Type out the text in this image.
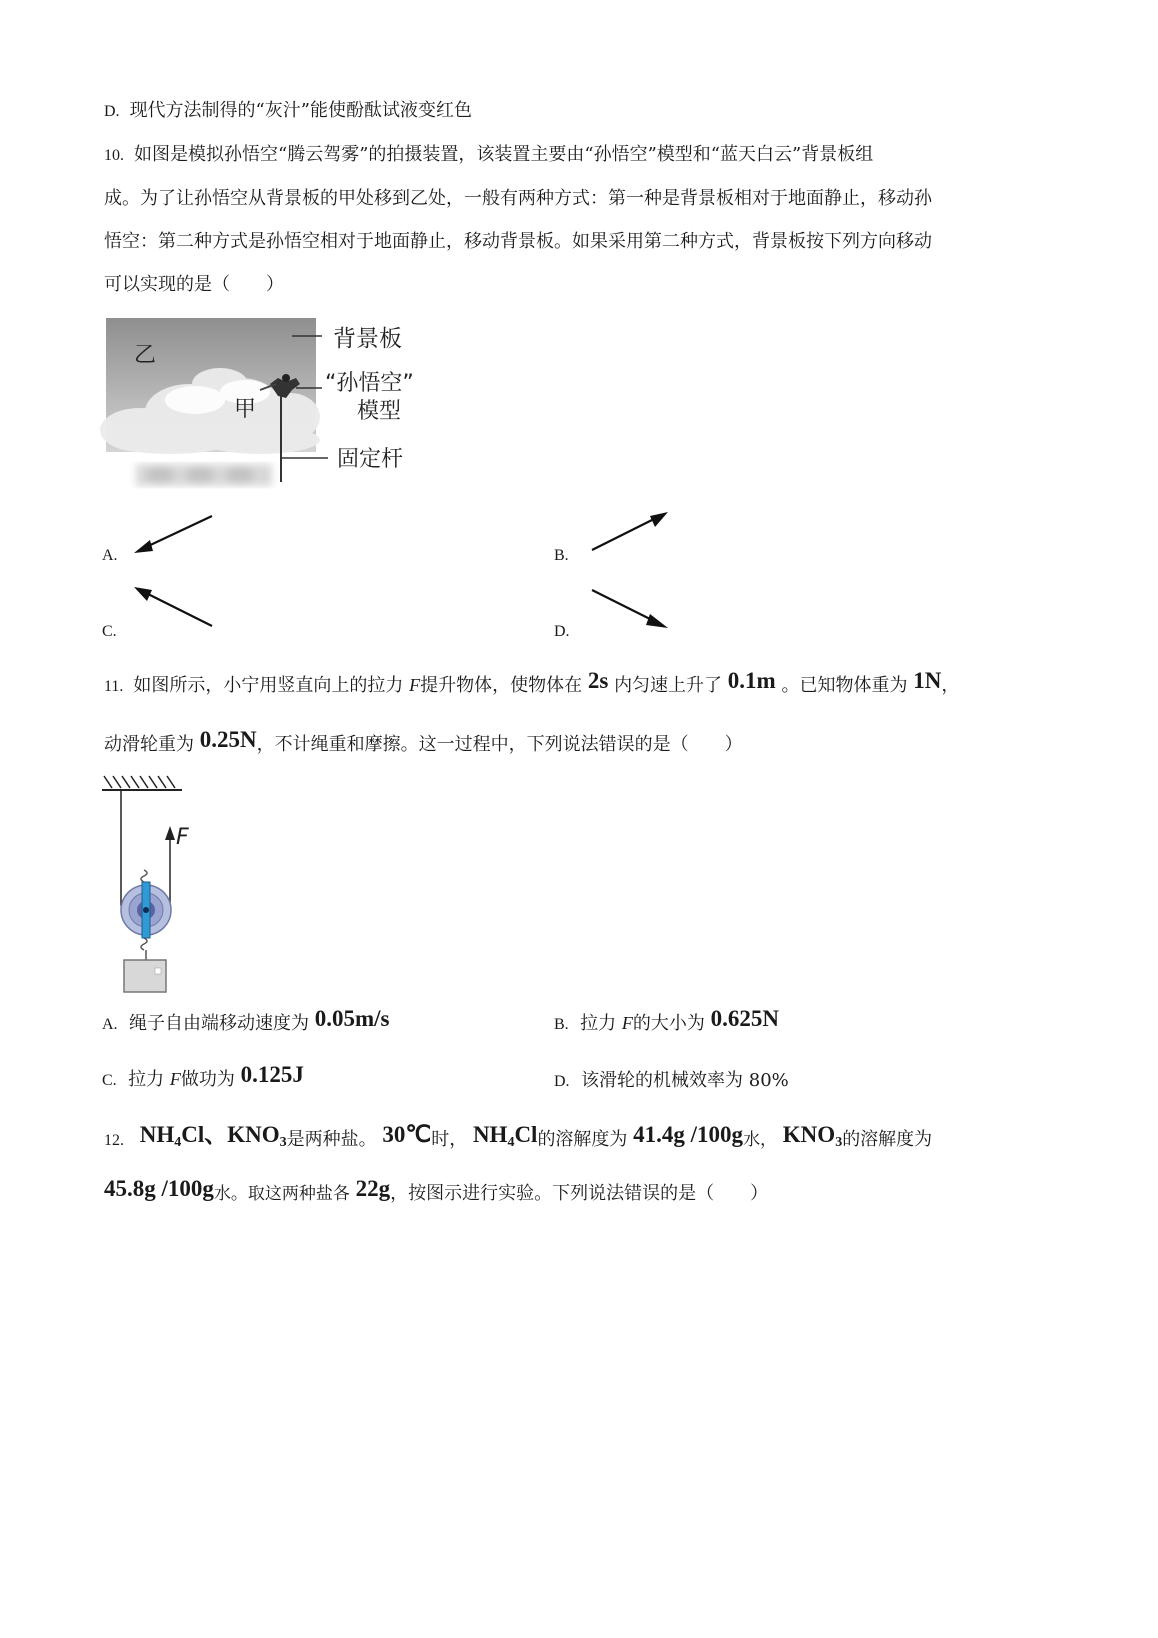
D. 现代方法制得的“灰汁”能使酚酞试液变红色
10. 如图是模拟孙悟空“腾云驾雾”的拍摄装置，该装置主要由“孙悟空”模型和“蓝天白云”背景板组
成。为了让孙悟空从背景板的甲处移到乙处，一般有两种方式：第一种是背景板相对于地面静止，移动孙
悟空：第二种方式是孙悟空相对于地面静止，移动背景板。如果采用第二种方式，背景板按下列方向移动
可以实现的是（　　）
背景板
“孙悟空”
模型
固定杆
乙
甲
A.	B.
C.	D.
11. 如图所示，小宁用竖直向上的拉力 F提升物体，使物体在 2s 内匀速上升了 0.1m 。已知物体重为 1N，
动滑轮重为 0.25N，不计绳重和摩擦。这一过程中，下列说法错误的是（　　）
F
A. 绳子自由端移动速度为 0.05m/s	B. 拉力 F的大小为 0.625N
C. 拉力 F做功为 0.125J	D. 该滑轮的机械效率为 80%
12. $NH_4Cl$、$KNO_3$是两种盐。 30℃时， $NH_4Cl$的溶解度为 41.4g /100g水， $KNO_3$的溶解度为
45.8g /100g水。取这两种盐各 22g，按图示进行实验。下列说法错误的是（　　）
